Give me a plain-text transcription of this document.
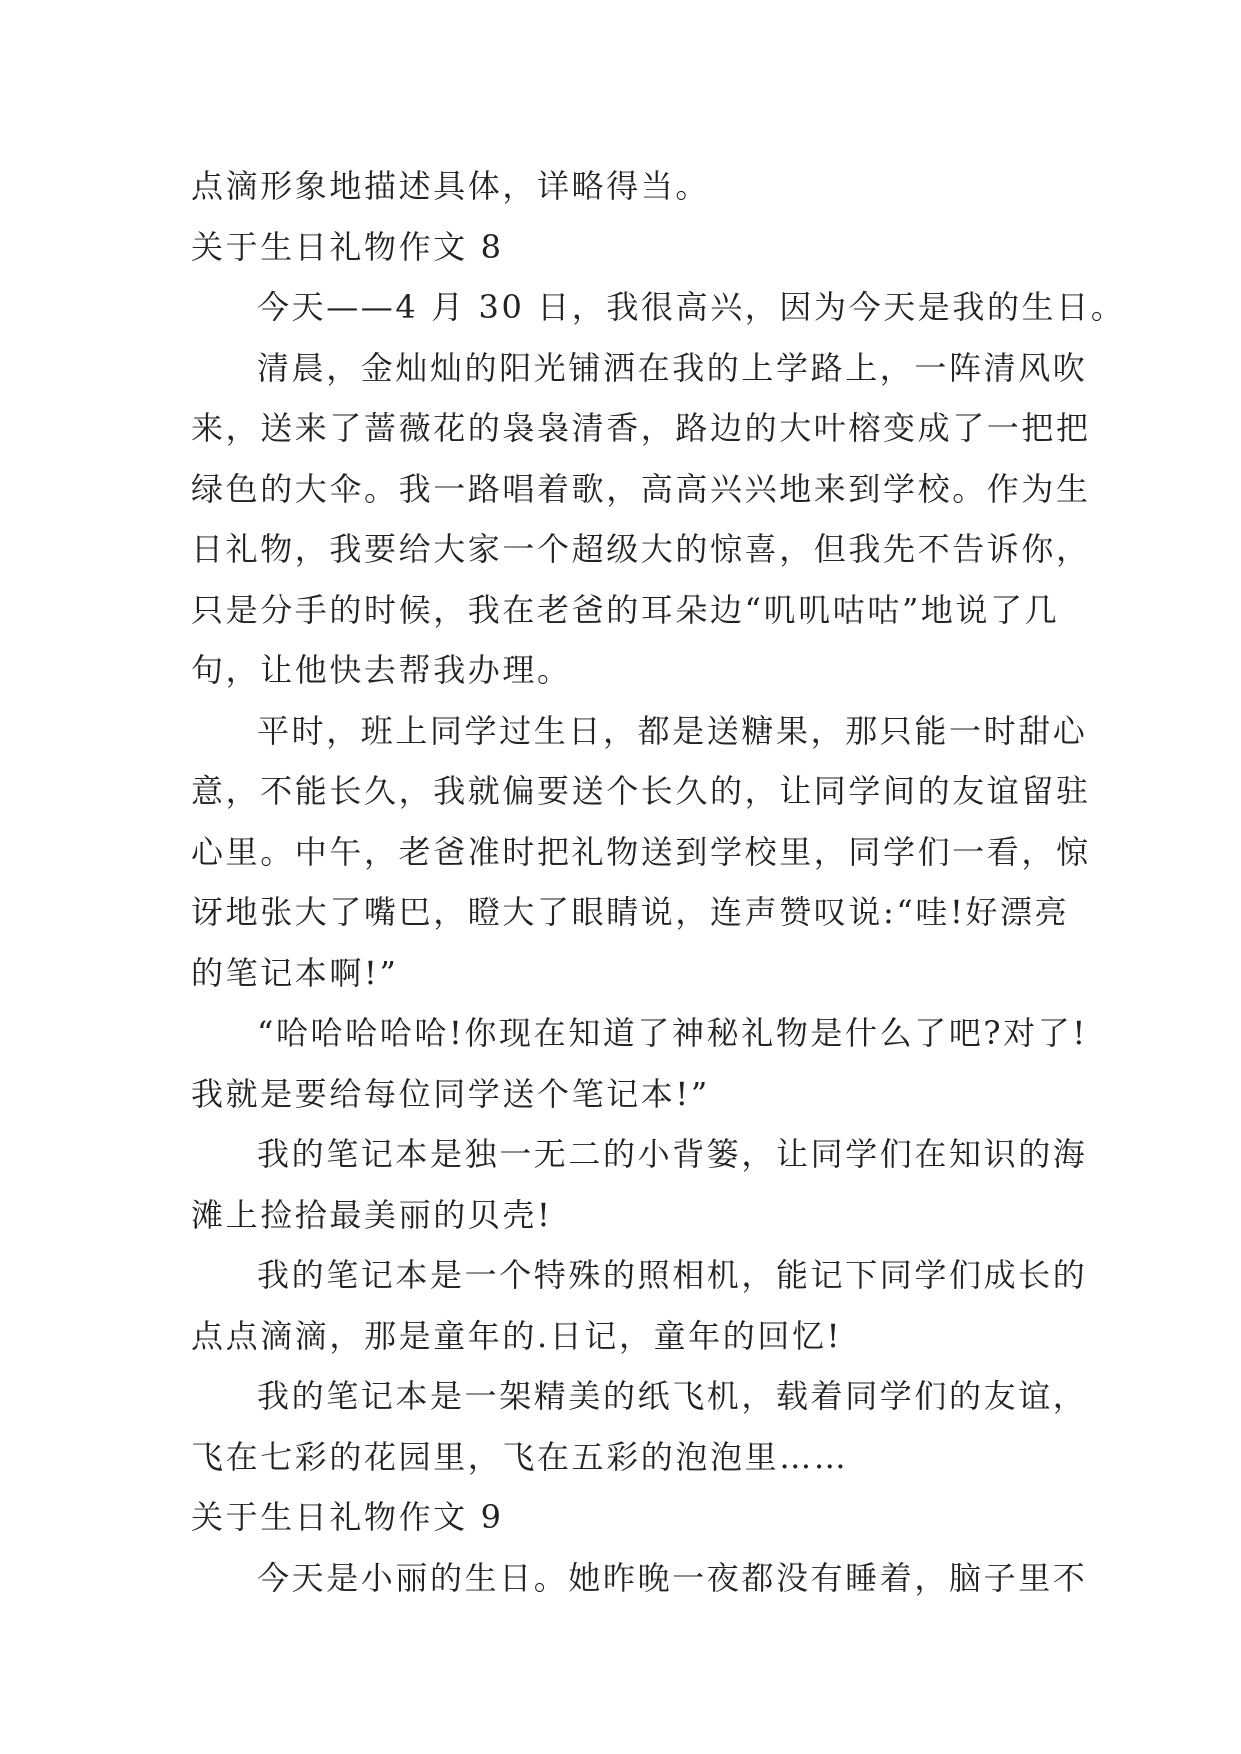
点滴形象地描述具体，详略得当。
关于生日礼物作文 8
今天——4 月 30 日，我很高兴，因为今天是我的生日。
清晨，金灿灿的阳光铺洒在我的上学路上，一阵清风吹
来，送来了蔷薇花的袅袅清香，路边的大叶榕变成了一把把
绿色的大伞。我一路唱着歌，高高兴兴地来到学校。作为生
日礼物，我要给大家一个超级大的惊喜，但我先不告诉你，
只是分手的时候，我在老爸的耳朵边“叽叽咕咕”地说了几
句，让他快去帮我办理。
平时，班上同学过生日，都是送糖果，那只能一时甜心
意，不能长久，我就偏要送个长久的，让同学间的友谊留驻
心里。中午，老爸准时把礼物送到学校里，同学们一看，惊
讶地张大了嘴巴，瞪大了眼睛说，连声赞叹说:“哇!好漂亮
的笔记本啊!”
“哈哈哈哈哈!你现在知道了神秘礼物是什么了吧?对了!
我就是要给每位同学送个笔记本!”
我的笔记本是独一无二的小背篓，让同学们在知识的海
滩上捡拾最美丽的贝壳!
我的笔记本是一个特殊的照相机，能记下同学们成长的
点点滴滴，那是童年的.日记，童年的回忆!
我的笔记本是一架精美的纸飞机，载着同学们的友谊，
飞在七彩的花园里，飞在五彩的泡泡里……
关于生日礼物作文 9
今天是小丽的生日。她昨晚一夜都没有睡着，脑子里不
